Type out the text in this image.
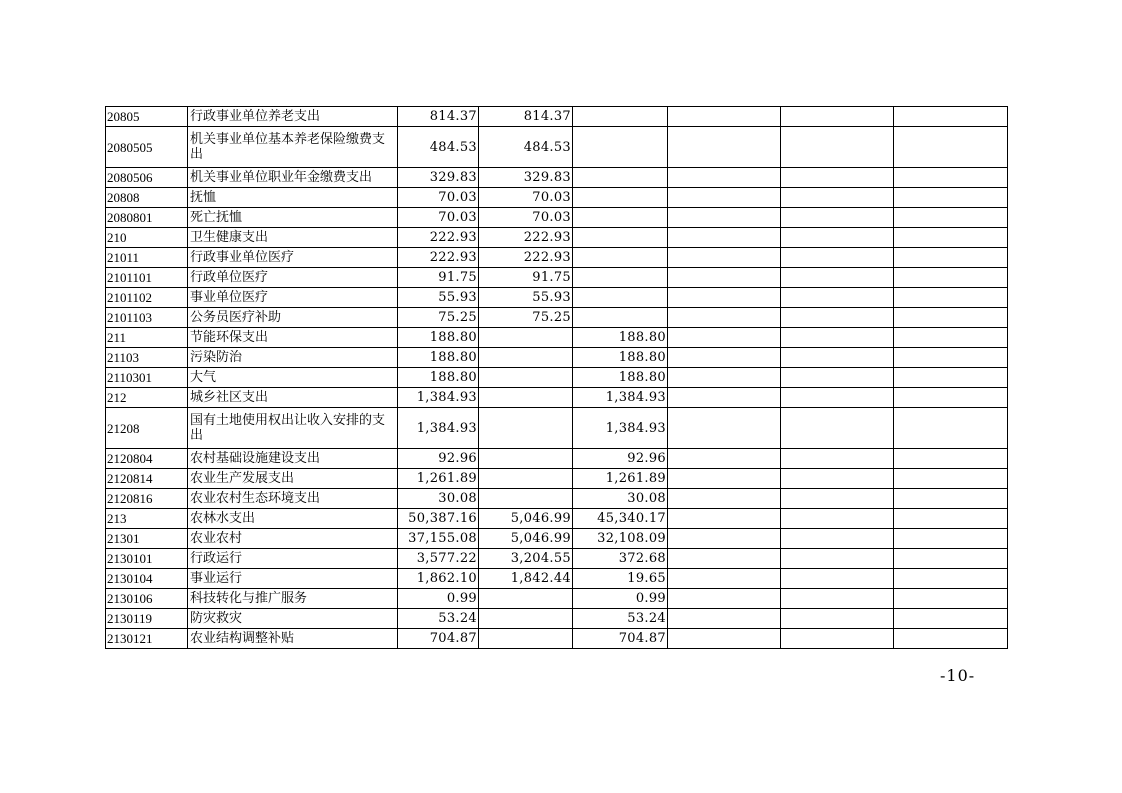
20805	行政事业单位养老支出	814.37	814.37				
2080505	机关事业单位基本养老保险缴费支出	484.53	484.53				
2080506	机关事业单位职业年金缴费支出	329.83	329.83				
20808	抚恤	70.03	70.03				
2080801	死亡抚恤	70.03	70.03				
210	卫生健康支出	222.93	222.93				
21011	行政事业单位医疗	222.93	222.93				
2101101	行政单位医疗	91.75	91.75				
2101102	事业单位医疗	55.93	55.93				
2101103	公务员医疗补助	75.25	75.25				
211	节能环保支出	188.80		188.80			
21103	污染防治	188.80		188.80			
2110301	大气	188.80		188.80			
212	城乡社区支出	1,384.93		1,384.93			
21208	国有土地使用权出让收入安排的支出	1,384.93		1,384.93			
2120804	农村基础设施建设支出	92.96		92.96			
2120814	农业生产发展支出	1,261.89		1,261.89			
2120816	农业农村生态环境支出	30.08		30.08			
213	农林水支出	50,387.16	5,046.99	45,340.17			
21301	农业农村	37,155.08	5,046.99	32,108.09			
2130101	行政运行	3,577.22	3,204.55	372.68			
2130104	事业运行	1,862.10	1,842.44	19.65			
2130106	科技转化与推广服务	0.99		0.99			
2130119	防灾救灾	53.24		53.24			
2130121	农业结构调整补贴	704.87		704.87			
-10-
